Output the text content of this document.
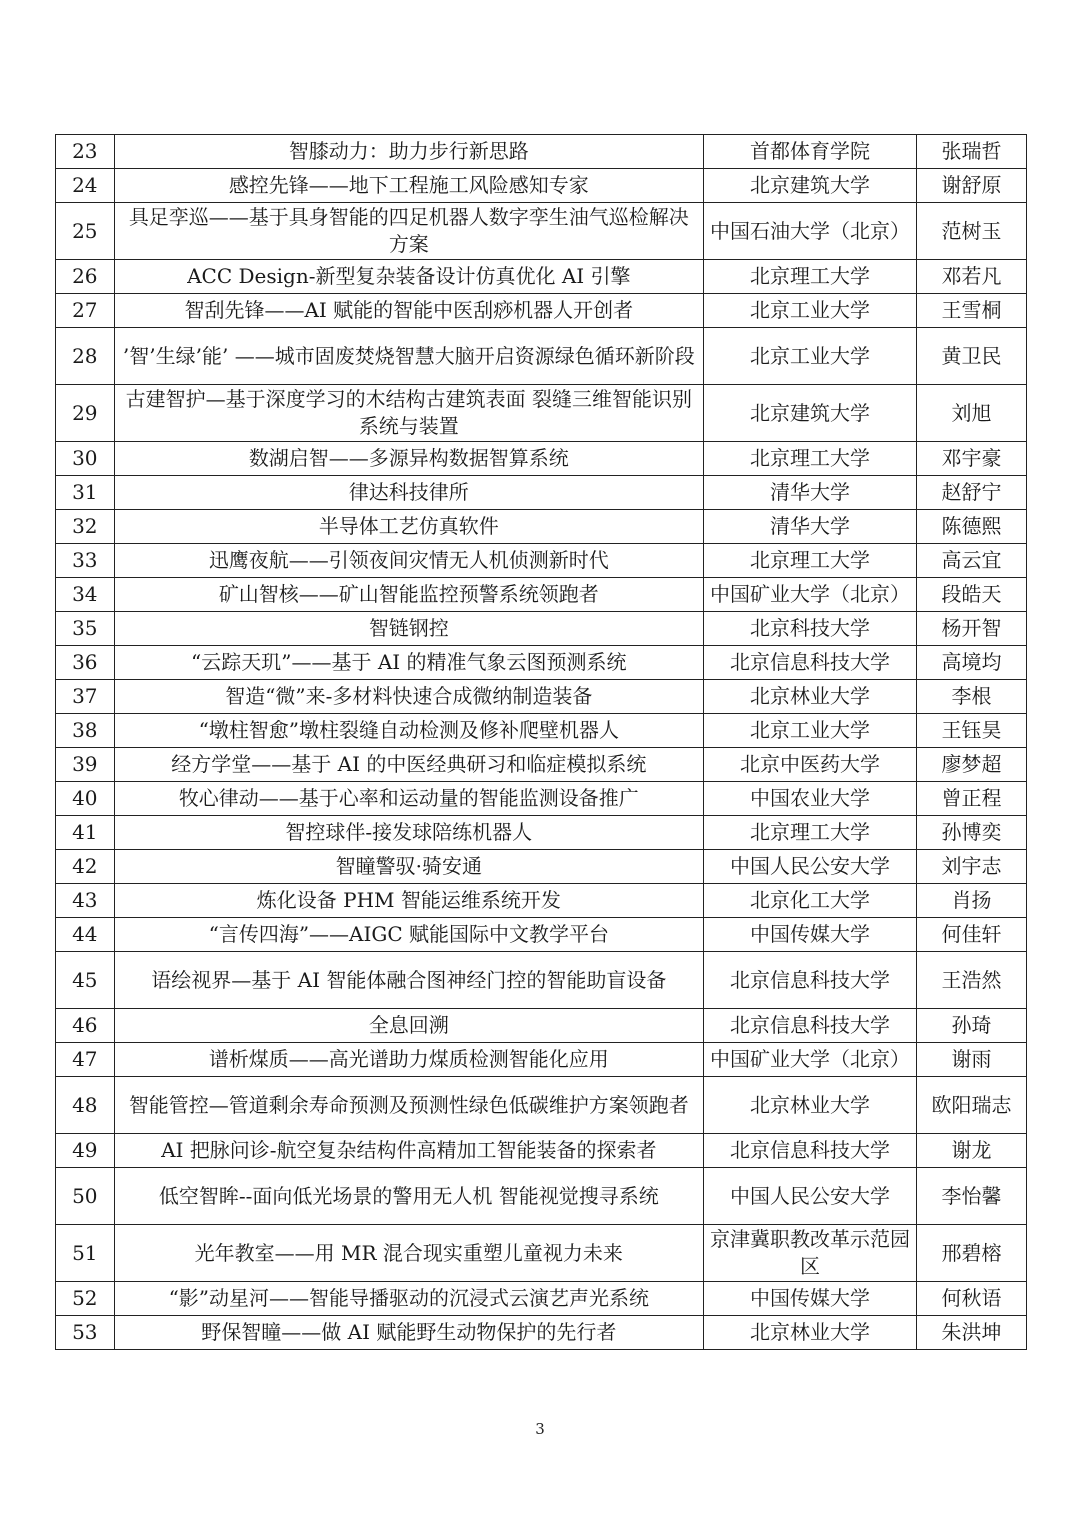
23	智膝动力：助力步行新思路	首都体育学院	张瑞哲
24	感控先锋——地下工程施工风险感知专家	北京建筑大学	谢舒原
25	具足孪巡——基于具身智能的四足机器人数字孪生油气巡检解决方案	中国石油大学（北京）	范树玉
26	ACC Design-新型复杂装备设计仿真优化 AI 引擎	北京理工大学	邓若凡
27	智刮先锋——AI 赋能的智能中医刮痧机器人开创者	北京工业大学	王雪桐
28	’智’生绿’能’ ——城市固废焚烧智慧大脑开启资源绿色循环新阶段	北京工业大学	黄卫民
29	古建智护—基于深度学习的木结构古建筑表面 裂缝三维智能识别系统与装置	北京建筑大学	刘旭
30	数湖启智——多源异构数据智算系统	北京理工大学	邓宇豪
31	律达科技律所	清华大学	赵舒宁
32	半导体工艺仿真软件	清华大学	陈德熙
33	迅鹰夜航——引领夜间灾情无人机侦测新时代	北京理工大学	高云宜
34	矿山智核——矿山智能监控预警系统领跑者	中国矿业大学（北京）	段皓天
35	智链钢控	北京科技大学	杨开智
36	“云踪天玑”——基于 AI 的精准气象云图预测系统	北京信息科技大学	高境均
37	智造“微”来-多材料快速合成微纳制造装备	北京林业大学	李根
38	“墩柱智愈”墩柱裂缝自动检测及修补爬壁机器人	北京工业大学	王钰昊
39	经方学堂——基于 AI 的中医经典研习和临症模拟系统	北京中医药大学	廖梦超
40	牧心律动——基于心率和运动量的智能监测设备推广	中国农业大学	曾正程
41	智控球伴-接发球陪练机器人	北京理工大学	孙博奕
42	智瞳警驭·骑安通	中国人民公安大学	刘宇志
43	炼化设备 PHM 智能运维系统开发	北京化工大学	肖扬
44	“言传四海”——AIGC 赋能国际中文教学平台	中国传媒大学	何佳轩
45	语绘视界—基于 AI 智能体融合图神经门控的智能助盲设备	北京信息科技大学	王浩然
46	全息回溯	北京信息科技大学	孙琦
47	谱析煤质——高光谱助力煤质检测智能化应用	中国矿业大学（北京）	谢雨
48	智能管控—管道剩余寿命预测及预测性绿色低碳维护方案领跑者	北京林业大学	欧阳瑞志
49	AI 把脉问诊-航空复杂结构件高精加工智能装备的探索者	北京信息科技大学	谢龙
50	低空智眸--面向低光场景的警用无人机 智能视觉搜寻系统	中国人民公安大学	李怡馨
51	光年教室——用 MR 混合现实重塑儿童视力未来	京津冀职教改革示范园区	邢碧榕
52	“影”动星河——智能导播驱动的沉浸式云演艺声光系统	中国传媒大学	何秋语
53	野保智瞳——做 AI 赋能野生动物保护的先行者	北京林业大学	朱洪坤
3
